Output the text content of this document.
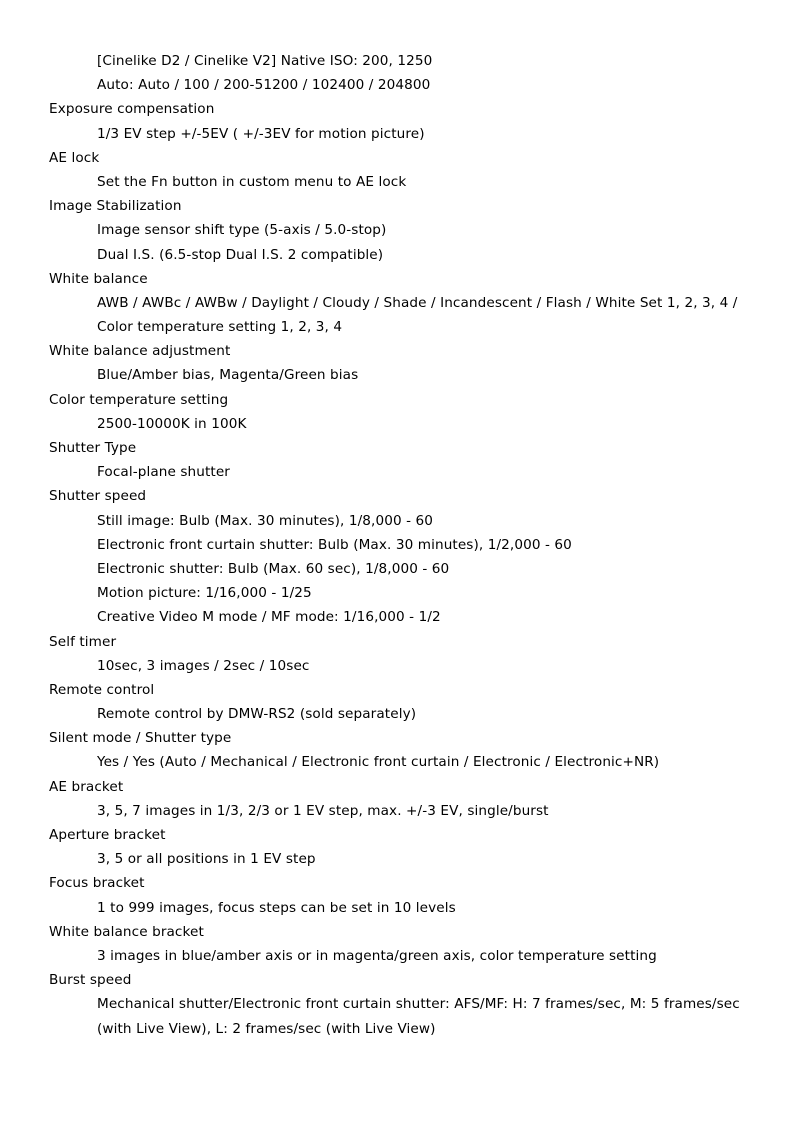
[Cinelike D2 / Cinelike V2] Native ISO: 200, 1250
Auto: Auto / 100 / 200-51200 / 102400 / 204800
Exposure compensation
1/3 EV step +/-5EV ( +/-3EV for motion picture)
AE lock
Set the Fn button in custom menu to AE lock
Image Stabilization
Image sensor shift type (5-axis / 5.0-stop)
Dual I.S. (6.5-stop Dual I.S. 2 compatible)
White balance
AWB / AWBc / AWBw / Daylight / Cloudy / Shade / Incandescent / Flash / White Set 1, 2, 3, 4 /
Color temperature setting 1, 2, 3, 4
White balance adjustment
Blue/Amber bias, Magenta/Green bias
Color temperature setting
2500-10000K in 100K
Shutter Type
Focal-plane shutter
Shutter speed
Still image: Bulb (Max. 30 minutes), 1/8,000 - 60
Electronic front curtain shutter: Bulb (Max. 30 minutes), 1/2,000 - 60
Electronic shutter: Bulb (Max. 60 sec), 1/8,000 - 60
Motion picture: 1/16,000 - 1/25
Creative Video M mode / MF mode: 1/16,000 - 1/2
Self timer
10sec, 3 images / 2sec / 10sec
Remote control
Remote control by DMW-RS2 (sold separately)
Silent mode / Shutter type
Yes / Yes (Auto / Mechanical / Electronic front curtain / Electronic / Electronic+NR)
AE bracket
3, 5, 7 images in 1/3, 2/3 or 1 EV step, max. +/-3 EV, single/burst
Aperture bracket
3, 5 or all positions in 1 EV step
Focus bracket
1 to 999 images, focus steps can be set in 10 levels
White balance bracket
3 images in blue/amber axis or in magenta/green axis, color temperature setting
Burst speed
Mechanical shutter/Electronic front curtain shutter: AFS/MF: H: 7 frames/sec, M: 5 frames/sec
(with Live View), L: 2 frames/sec (with Live View)
